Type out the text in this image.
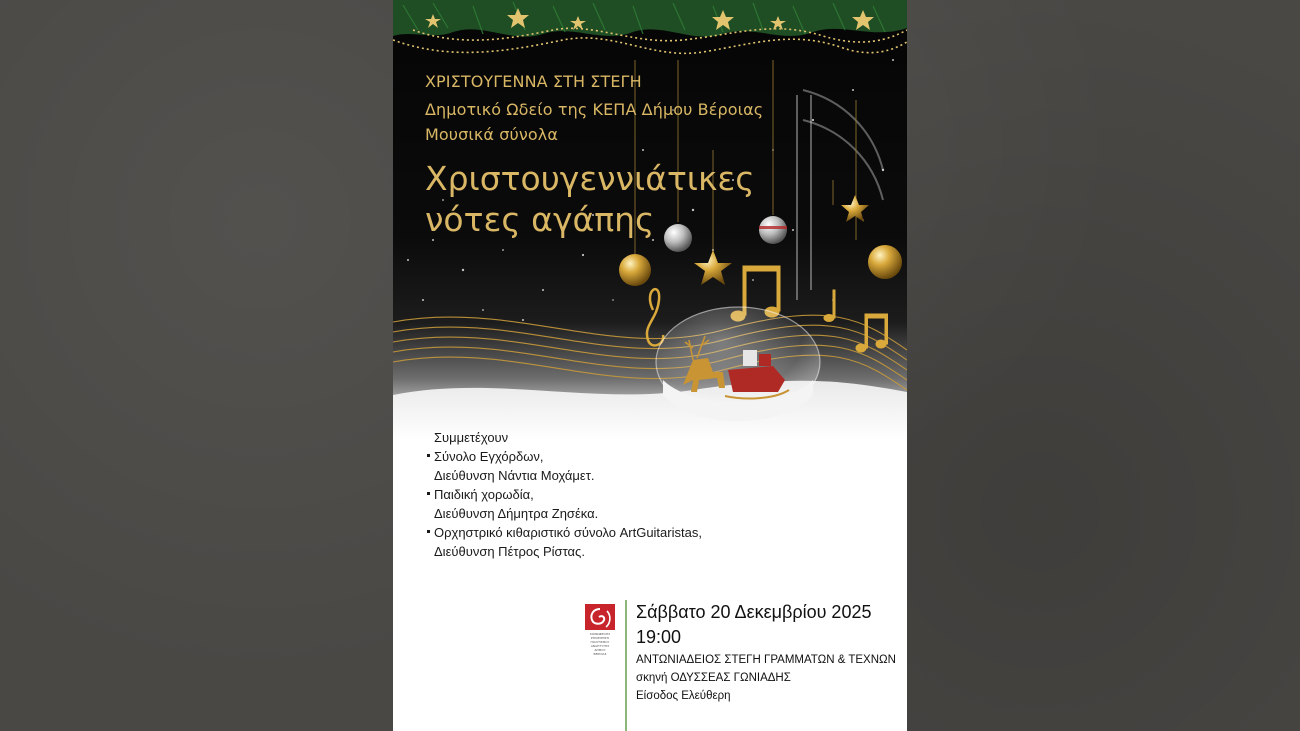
ΧΡΙΣΤΟΥΓΕΝΝΑ ΣΤΗ ΣΤΕΓΗ
Δημοτικό Ωδείο της ΚΕΠΑ Δήμου Βέροιας
Μουσικά σύνολα
Χριστουγεννιάτικες
νότες αγάπης
Συμμετέχουν
Σύνολο Εγχόρδων,
Διεύθυνση Νάντια Μοχάμετ.
Παιδική χορωδία,
Διεύθυνση Δήμητρα Ζησέκα.
Ορχηστρικό κιθαριστικό σύνολο ArtGuitaristas,
Διεύθυνση Πέτρος Ρίστας.
ΚΟΙΝΩΦΕΛΗΣ
ΕΠΙΧΕΙΡΗΣΗ
ΠΟΛΙΤΙΣΜΟΥ
ΑΝΑΠΤΥΞΗΣ
ΔΗΜΟΥ
ΒΕΡΟΙΑΣ
Σάββατο 20 Δεκεμβρίου 2025
19:00
ΑΝΤΩΝΙΑΔΕΙΟΣ ΣΤΕΓΗ ΓΡΑΜΜΑΤΩΝ & ΤΕΧΝΩΝ
σκηνή ΟΔΥΣΣΕΑΣ ΓΩΝΙΑΔΗΣ
Είσοδος Ελεύθερη
